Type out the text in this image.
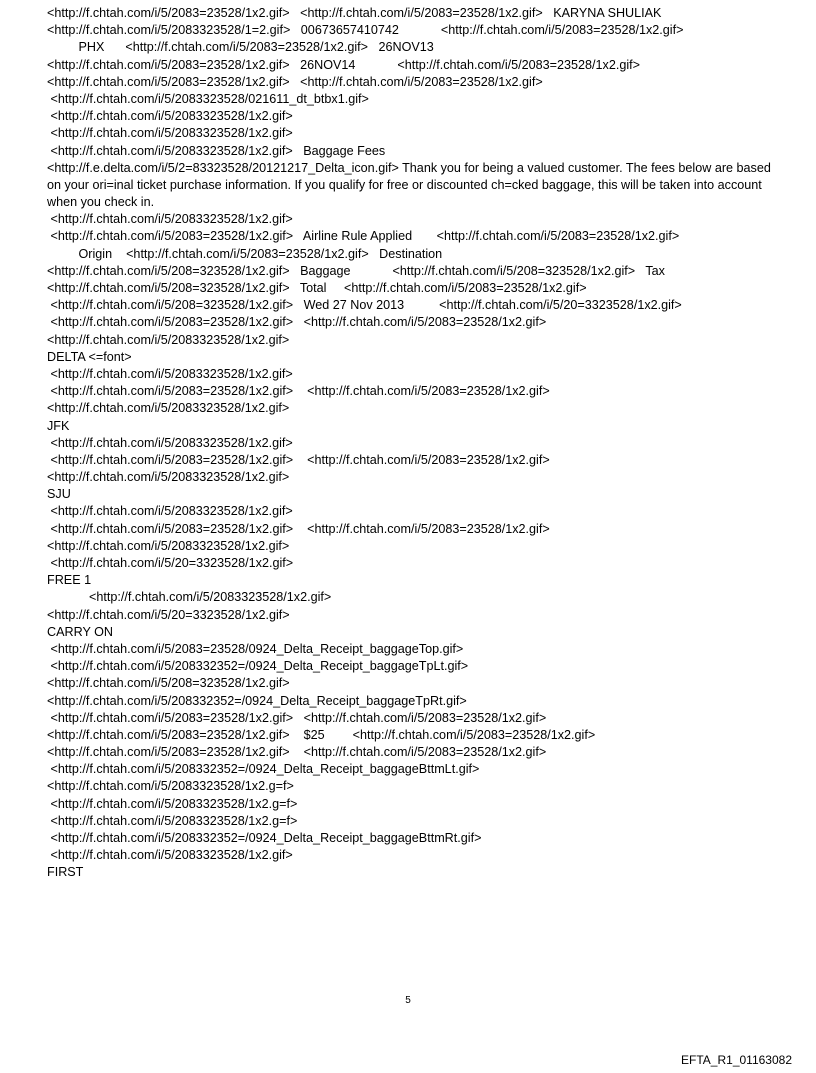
<http://f.chtah.com/i/5/2083=23528/1x2.gif>   <http://f.chtah.com/i/5/2083=23528/1x2.gif>   KARYNA SHULIAK
<http://f.chtah.com/i/5/2083323528/1=2.gif>   00673657410742            <http://f.chtah.com/i/5/2083=23528/1x2.gif>
PHX      <http://f.chtah.com/i/5/2083=23528/1x2.gif>   26NOV13
<http://f.chtah.com/i/5/2083=23528/1x2.gif>   26NOV14            <http://f.chtah.com/i/5/2083=23528/1x2.gif>
<http://f.chtah.com/i/5/2083=23528/1x2.gif>   <http://f.chtah.com/i/5/2083=23528/1x2.gif>
<http://f.chtah.com/i/5/2083323528/021611_dt_btbx1.gif>
<http://f.chtah.com/i/5/2083323528/1x2.gif>
<http://f.chtah.com/i/5/2083323528/1x2.gif>
<http://f.chtah.com/i/5/2083323528/1x2.gif>   Baggage Fees
<http://f.e.delta.com/i/5/2=83323528/20121217_Delta_icon.gif> Thank you for being a valued customer. The fees below are based on your ori=inal ticket purchase information. If you qualify for free or discounted ch=cked baggage, this will be taken into account when you check in.
<http://f.chtah.com/i/5/2083323528/1x2.gif>
<http://f.chtah.com/i/5/2083=23528/1x2.gif>   Airline Rule Applied       <http://f.chtah.com/i/5/2083=23528/1x2.gif>
Origin    <http://f.chtah.com/i/5/2083=23528/1x2.gif>   Destination
<http://f.chtah.com/i/5/208=323528/1x2.gif>   Baggage            <http://f.chtah.com/i/5/208=323528/1x2.gif>   Tax
<http://f.chtah.com/i/5/208=323528/1x2.gif>   Total     <http://f.chtah.com/i/5/2083=23528/1x2.gif>
<http://f.chtah.com/i/5/208=323528/1x2.gif>   Wed 27 Nov 2013          <http://f.chtah.com/i/5/20=3323528/1x2.gif>
<http://f.chtah.com/i/5/2083=23528/1x2.gif>   <http://f.chtah.com/i/5/2083=23528/1x2.gif>
<http://f.chtah.com/i/5/2083323528/1x2.gif>
DELTA <=font>
<http://f.chtah.com/i/5/2083323528/1x2.gif>
<http://f.chtah.com/i/5/2083=23528/1x2.gif>    <http://f.chtah.com/i/5/2083=23528/1x2.gif>
<http://f.chtah.com/i/5/2083323528/1x2.gif>
JFK
<http://f.chtah.com/i/5/2083323528/1x2.gif>
<http://f.chtah.com/i/5/2083=23528/1x2.gif>    <http://f.chtah.com/i/5/2083=23528/1x2.gif>
<http://f.chtah.com/i/5/2083323528/1x2.gif>
SJU
<http://f.chtah.com/i/5/2083323528/1x2.gif>
<http://f.chtah.com/i/5/2083=23528/1x2.gif>    <http://f.chtah.com/i/5/2083=23528/1x2.gif>
<http://f.chtah.com/i/5/2083323528/1x2.gif>
<http://f.chtah.com/i/5/20=3323528/1x2.gif>
FREE 1
<http://f.chtah.com/i/5/2083323528/1x2.gif>
<http://f.chtah.com/i/5/20=3323528/1x2.gif>
CARRY ON
<http://f.chtah.com/i/5/2083=23528/0924_Delta_Receipt_baggageTop.gif>
<http://f.chtah.com/i/5/208332352=/0924_Delta_Receipt_baggageTpLt.gif>
<http://f.chtah.com/i/5/208=323528/1x2.gif>
<http://f.chtah.com/i/5/208332352=/0924_Delta_Receipt_baggageTpRt.gif>
<http://f.chtah.com/i/5/2083=23528/1x2.gif>   <http://f.chtah.com/i/5/2083=23528/1x2.gif>
<http://f.chtah.com/i/5/2083=23528/1x2.gif>    $25        <http://f.chtah.com/i/5/2083=23528/1x2.gif>
<http://f.chtah.com/i/5/2083=23528/1x2.gif>    <http://f.chtah.com/i/5/2083=23528/1x2.gif>
<http://f.chtah.com/i/5/208332352=/0924_Delta_Receipt_baggageBttmLt.gif>
<http://f.chtah.com/i/5/2083323528/1x2.g=f>
<http://f.chtah.com/i/5/2083323528/1x2.g=f>
<http://f.chtah.com/i/5/2083323528/1x2.g=f>
<http://f.chtah.com/i/5/208332352=/0924_Delta_Receipt_baggageBttmRt.gif>
<http://f.chtah.com/i/5/2083323528/1x2.gif>
FIRST
5
EFTA_R1_01163082
